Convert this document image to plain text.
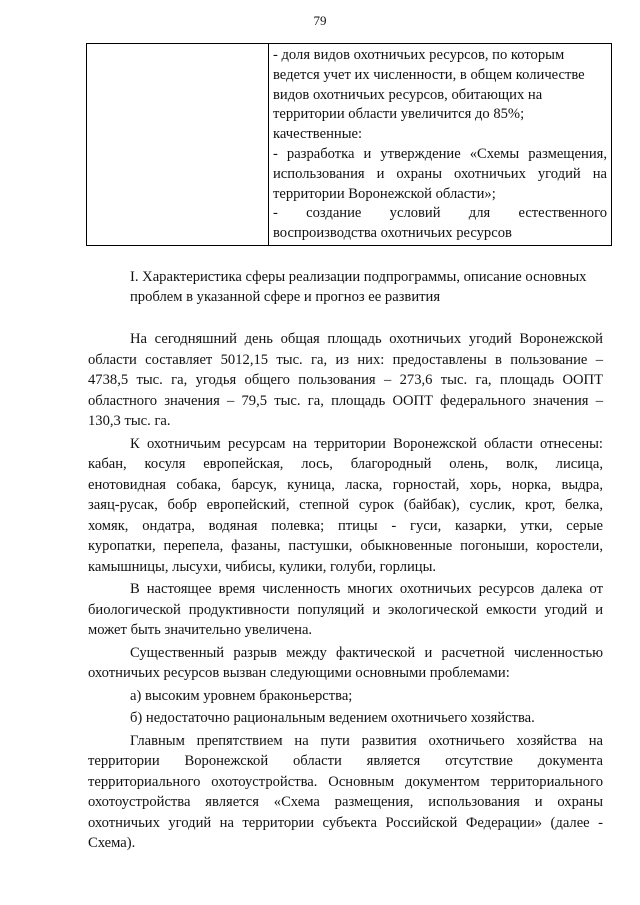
79

- доля видов охотничьих ресурсов, по которым
ведется учет их численности, в общем количестве
видов охотничьих ресурсов, обитающих на
территории области увеличится до 85%;
качественные:
- разработка и утверждение «Схемы размещения,
использования и охраны охотничьих угодий на
территории Воронежской области»;
- создание условий для естественного
воспроизводства охотничьих ресурсов
I. Характеристика сферы реализации подпрограммы, описание основных
проблем в указанной сфере и прогноз ее развития
На сегодняшний день общая площадь охотничьих угодий Воронежской
области составляет 5012,15 тыс. га, из них: предоставлены в пользование –
4738,5 тыс. га, угодья общего пользования – 273,6 тыс. га, площадь ООПТ
областного значения – 79,5 тыс. га, площадь ООПТ федерального значения –
130,3 тыс. га.
К охотничьим ресурсам на территории Воронежской области отнесены:
кабан, косуля европейская, лось, благородный олень, волк, лисица,
енотовидная собака, барсук, куница, ласка, горностай, хорь, норка, выдра,
заяц-русак, бобр европейский, степной сурок (байбак), суслик, крот, белка,
хомяк, ондатра, водяная полевка; птицы - гуси, казарки, утки, серые
куропатки, перепела, фазаны, пастушки, обыкновенные погоныши, коростели,
камышницы, лысухи, чибисы, кулики, голуби, горлицы.
В настоящее время численность многих охотничьих ресурсов далека от
биологической продуктивности популяций и экологической емкости угодий и
может быть значительно увеличена.
Существенный разрыв между фактической и расчетной численностью
охотничьих ресурсов вызван следующими основными проблемами:
а) высоким уровнем браконьерства;
б) недостаточно рациональным ведением охотничьего хозяйства.
Главным препятствием на пути развития охотничьего хозяйства на
территории Воронежской области является отсутствие документа
территориального охотоустройства. Основным документом территориального
охотоустройства является «Схема размещения, использования и охраны
охотничьих угодий на территории субъекта Российской Федерации» (далее -
Схема).
